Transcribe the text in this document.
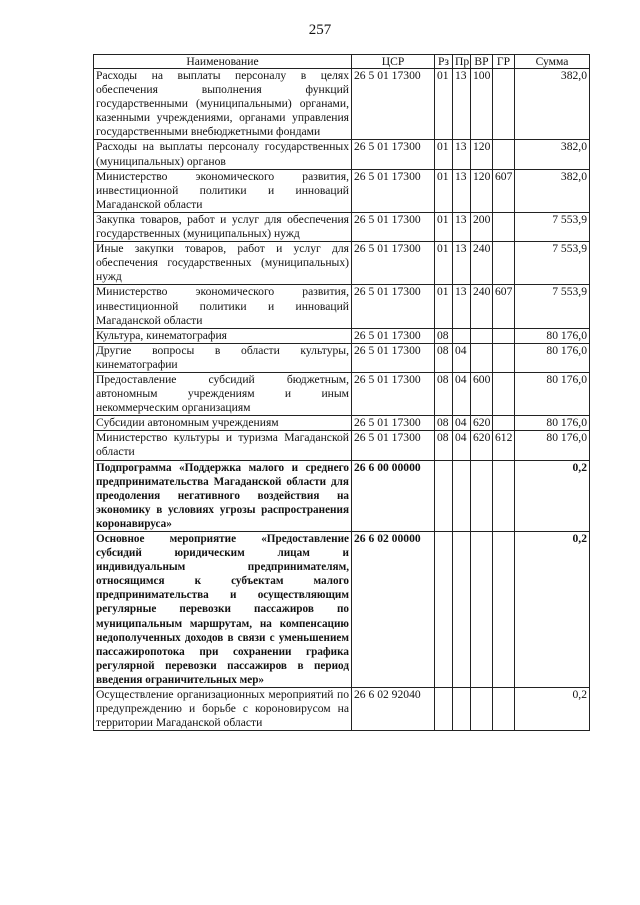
257
Наименование	ЦСР	Рз	Пр	ВР	ГР	Сумма
Расходы на выплаты персоналу в целях обеспечения выполнения функций государственными (муниципальными) органами, казенными учреждениями, органами управления государственными внебюджетными фондами	26 5 01 17300	01	13	100		382,0
Расходы на выплаты персоналу государственных (муниципальных) органов	26 5 01 17300	01	13	120		382,0
Министерство экономического развития, инвестиционной политики и инноваций Магаданской области	26 5 01 17300	01	13	120	607	382,0
Закупка товаров, работ и услуг для обеспечения государственных (муниципальных) нужд	26 5 01 17300	01	13	200		7 553,9
Иные закупки товаров, работ и услуг для обеспечения государственных (муниципальных) нужд	26 5 01 17300	01	13	240		7 553,9
Министерство экономического развития, инвестиционной политики и инноваций Магаданской области	26 5 01 17300	01	13	240	607	7 553,9
Культура, кинематография	26 5 01 17300	08				80 176,0
Другие вопросы в области культуры, кинематографии	26 5 01 17300	08	04			80 176,0
Предоставление субсидий бюджетным, автономным учреждениям и иным некоммерческим организациям	26 5 01 17300	08	04	600		80 176,0
Субсидии автономным учреждениям	26 5 01 17300	08	04	620		80 176,0
Министерство культуры и туризма Магаданской области	26 5 01 17300	08	04	620	612	80 176,0
Подпрограмма «Поддержка малого и среднего предпринимательства Магаданской области для преодоления негативного воздействия на экономику в условиях угрозы распространения коронавируса»	26 6 00 00000					0,2
Основное мероприятие «Предоставление субсидий юридическим лицам и индивидуальным предпринимателям, относящимся к субъектам малого предпринимательства и осуществляющим регулярные перевозки пассажиров по муниципальным маршрутам, на компенсацию недополученных доходов в связи с уменьшением пассажиропотока при сохранении графика регулярной перевозки пассажиров в период введения ограничительных мер»	26 6 02 00000					0,2
Осуществление организационных мероприятий по предупреждению и борьбе с короновирусом на территории Магаданской области	26 6 02 92040					0,2
